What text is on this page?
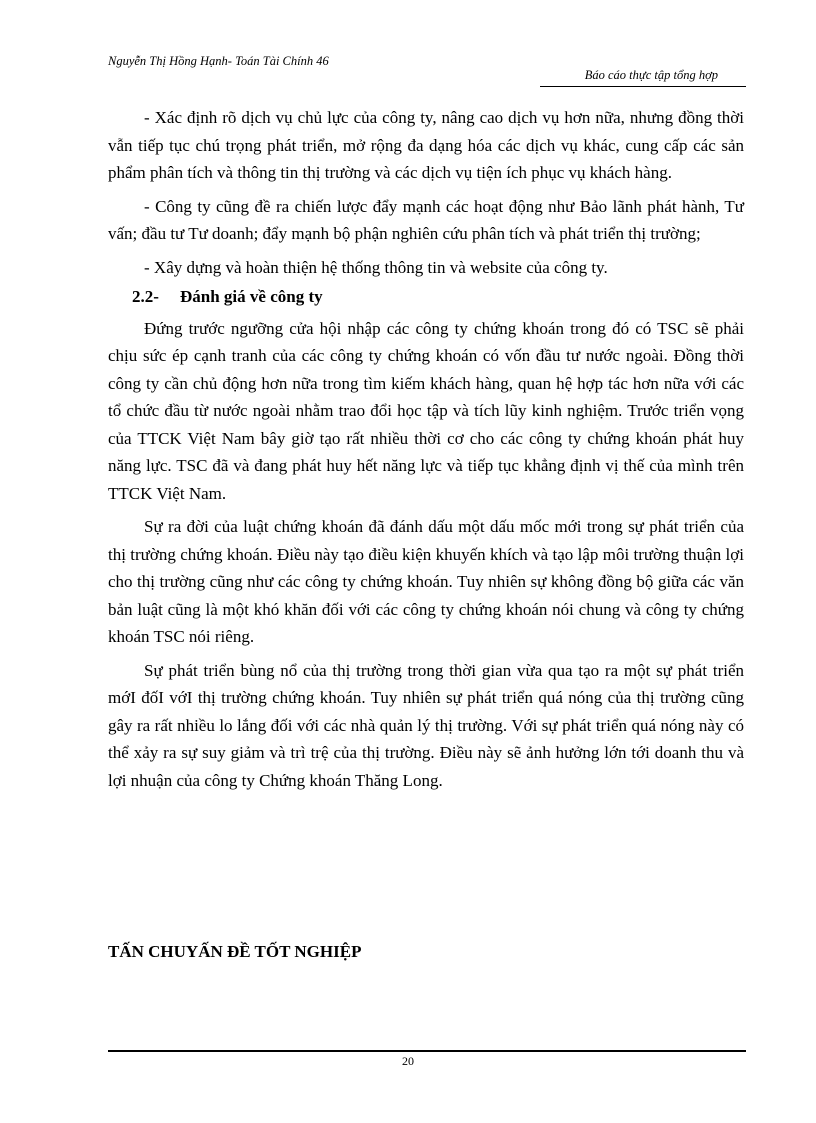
Nguyễn Thị Hồng Hạnh- Toán Tài Chính 46
Báo cáo thực tập tổng hợp

- Xác định rõ dịch vụ chủ lực của công ty, nâng cao dịch vụ hơn nữa, nhưng đồng thời vẫn tiếp tục chú trọng phát triển, mở rộng đa dạng hóa các dịch vụ khác, cung cấp các sản phẩm phân tích và thông tin thị trường và các dịch vụ tiện ích phục vụ khách hàng.

- Công ty cũng đề ra chiến lược đẩy mạnh các hoạt động như Bảo lãnh phát hành, Tư vấn; đầu tư Tư doanh; đẩy mạnh bộ phận nghiên cứu phân tích và phát triển thị trường;

- Xây dựng và hoàn thiện hệ thống thông tin và website của công ty.

2.2-	Đánh giá về công ty

Đứng trước ngưỡng cửa hội nhập các công ty chứng khoán trong đó có TSC sẽ phải chịu sức ép cạnh tranh của các công ty chứng khoán có vốn đầu tư nước ngoài. Đồng thời công ty cần chủ động hơn nữa trong tìm kiếm khách hàng, quan hệ hợp tác hơn nữa với các tổ chức đầu từ nước ngoài nhằm trao đổi học tập và tích lũy kinh nghiệm. Trước triển vọng của TTCK Việt Nam bây giờ tạo rất nhiều thời cơ cho các công ty chứng khoán phát huy năng lực. TSC đã và đang phát huy hết năng lực và tiếp tục khẳng định vị thế của mình trên TTCK Việt Nam.

Sự ra đời của luật chứng khoán đã đánh dấu một dấu mốc mới trong sự phát triển của thị trường chứng khoán. Điều này tạo điều kiện khuyến khích và tạo lập môi trường thuận lợi cho thị trường cũng như các công ty chứng khoán. Tuy nhiên sự không đồng bộ giữa các văn bản luật cũng là một khó khăn đối với các công ty chứng khoán nói chung và công ty chứng khoán TSC nói riêng.

Sự phát triển bùng nổ của thị trường trong thời gian vừa qua tạo ra một sự phát triển mớI đốI vớI thị trường chứng khoán. Tuy nhiên sự phát triển quá nóng của thị trường cũng gây ra rất nhiều lo lắng đối với các nhà quản lý thị trường. Với sự phát triển quá nóng này có thể xảy ra sự suy giảm và trì trệ của thị trường. Điều này sẽ ảnh hưởng lớn tới doanh thu và lợi nhuận của công ty Chứng khoán Thăng Long.

TẤN CHUYẤN ĐỀ TỐT NGHIỆP
20
